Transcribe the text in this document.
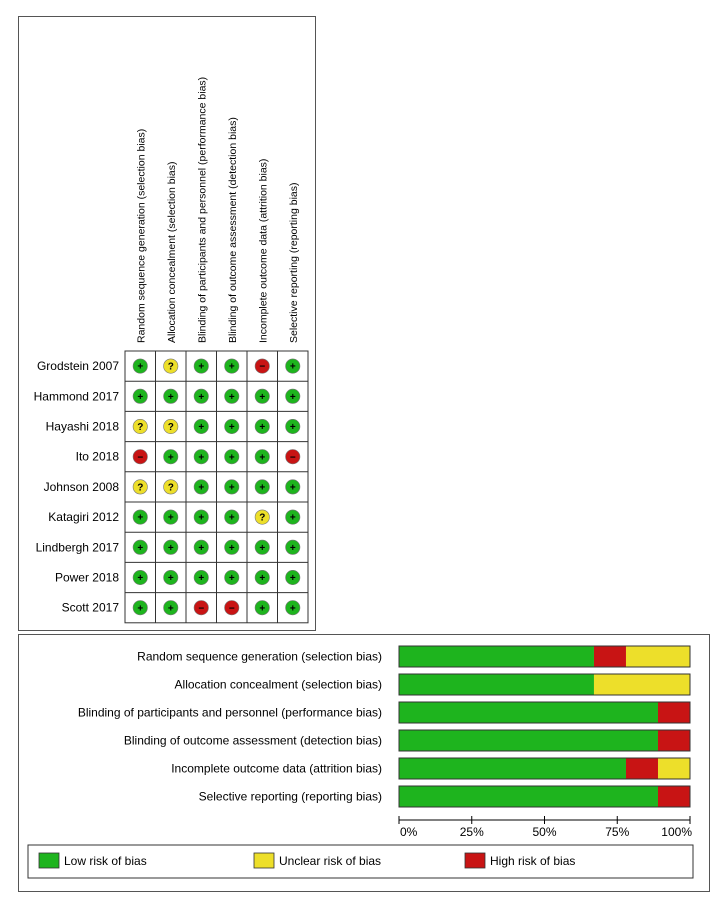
Random sequence generation (selection bias) Allocation concealment (selection bias) Blinding of participants and personnel (performance bias) Blinding of outcome assessment (detection bias) Incomplete outcome data (attrition bias) Selective reporting (reporting bias)
Grodstein 2007 + ? + + − +
Hammond 2017 + + + + + +
Hayashi 2018 ? ? + + + +
Ito 2018 − + + + + −
Johnson 2008 ? ? + + + +
Katagiri 2012 + + + + ? +
Lindbergh 2017 + + + + + +
Power 2018 + + + + + +
Scott 2017 + + − − + +
Random sequence generation (selection bias)
Allocation concealment (selection bias)
Blinding of participants and personnel (performance bias)
Blinding of outcome assessment (detection bias)
Incomplete outcome data (attrition bias)
Selective reporting (reporting bias)
0%	25%	50%	75%	100%
Low risk of bias	Unclear risk of bias	High risk of bias
